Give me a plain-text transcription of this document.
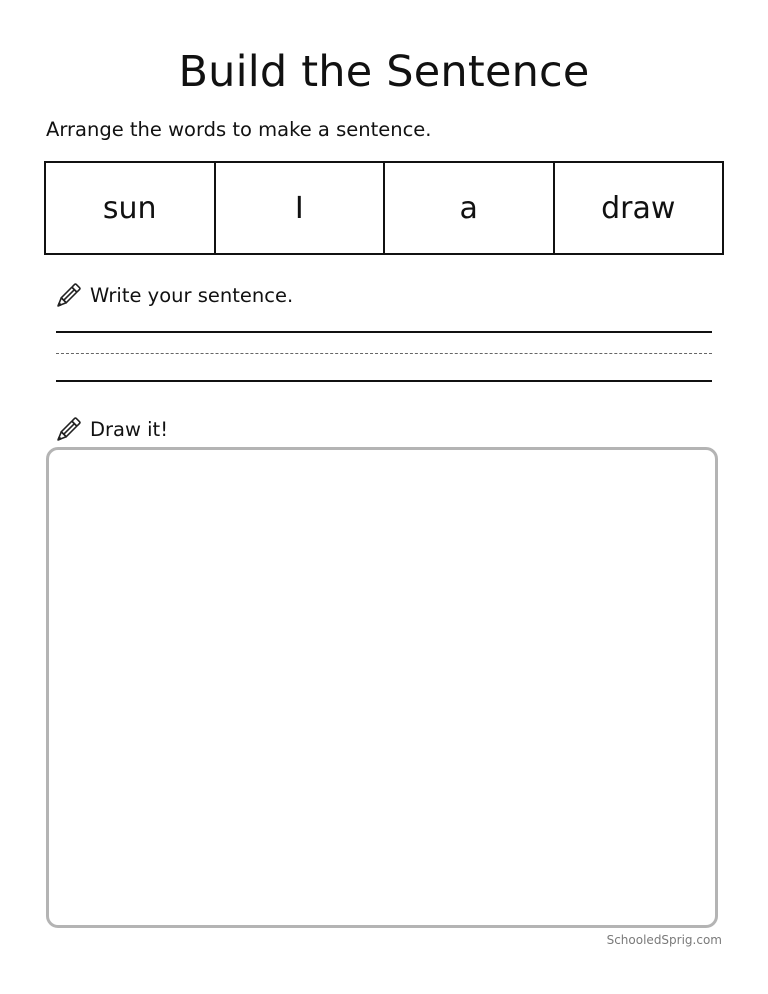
Build the Sentence
Arrange the words to make a sentence.
sun	I	a	draw
Write your sentence.
Draw it!
SchooledSprig.com
